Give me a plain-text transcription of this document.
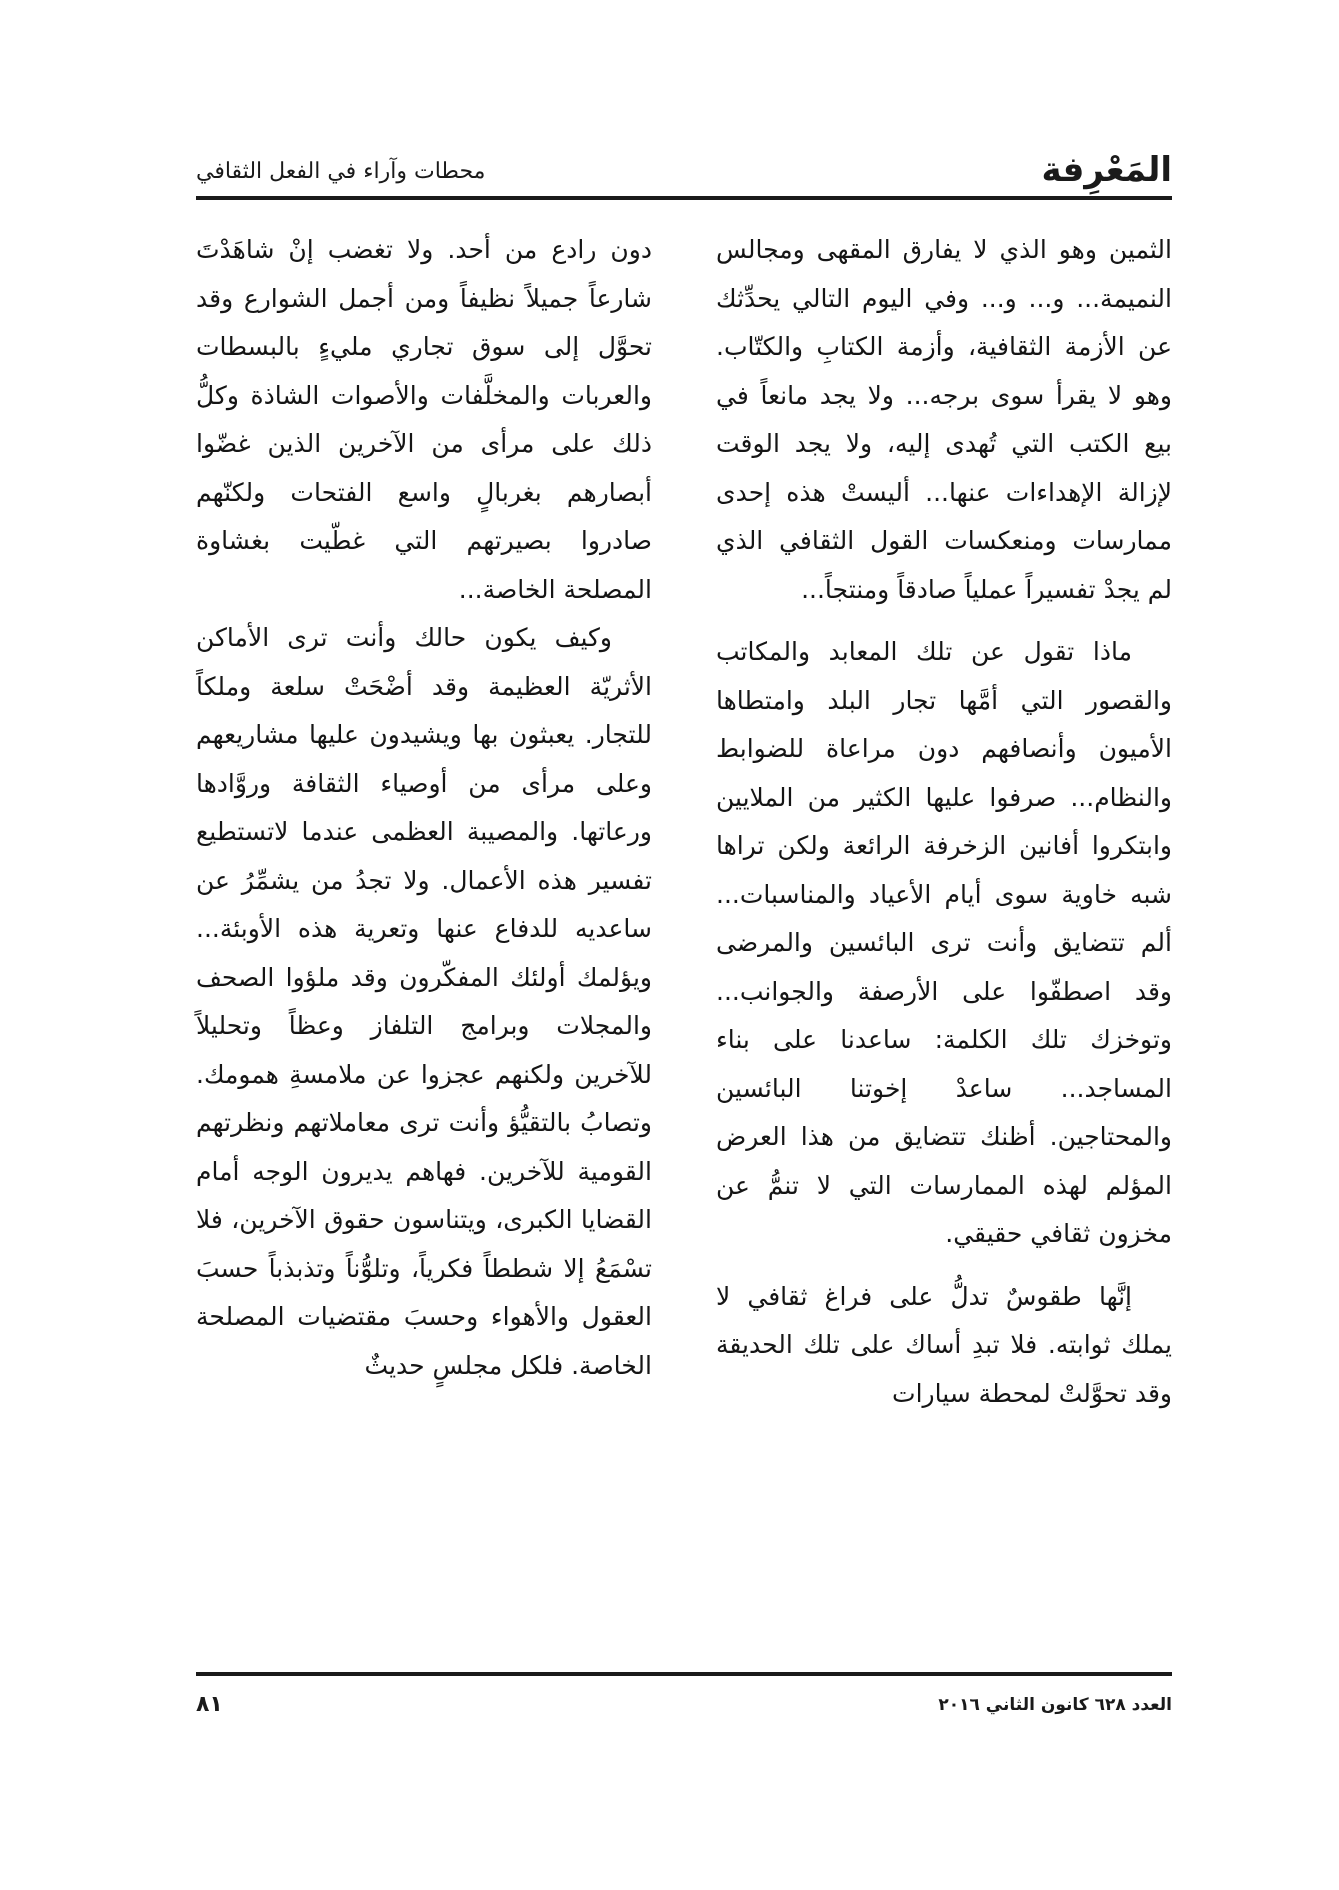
المَعْرِفة
محطات وآراء في الفعل الثقافي

الثمين وهو الذي لا يفارق المقهى ومجالس النميمة... و... و... وفي اليوم التالي يحدِّثك عن الأزمة الثقافية، وأزمة الكتابِ والكتّاب. وهو لا يقرأ سوى برجه... ولا يجد مانعاً في بيع الكتب التي تُهدى إليه، ولا يجد الوقت لإزالة الإهداءات عنها... أليستْ هذه إحدى ممارسات ومنعكسات القول الثقافي الذي لم يجدْ تفسيراً عملياً صادقاً ومنتجاً...

ماذا تقول عن تلك المعابد والمكاتب والقصور التي أمَّها تجار البلد وامتطاها الأميون وأنصافهم دون مراعاة للضوابط والنظام... صرفوا عليها الكثير من الملايين وابتكروا أفانين الزخرفة الرائعة ولكن تراها شبه خاوية سوى أيام الأعياد والمناسبات... ألم تتضايق وأنت ترى البائسين والمرضى وقد اصطفّوا على الأرصفة والجوانب... وتوخزك تلك الكلمة: ساعدنا على بناء المساجد... ساعدْ إخوتنا البائسين والمحتاجين. أظنك تتضايق من هذا العرض المؤلم لهذه الممارسات التي لا تنمُّ عن مخزون ثقافي حقيقي.

إنَّها طقوسٌ تدلُّ على فراغ ثقافي لا يملك ثوابته. فلا تبدِ أساك على تلك الحديقة وقد تحوَّلتْ لمحطة سيارات

دون رادع من أحد. ولا تغضب إنْ شاهَدْتَ شارعاً جميلاً نظيفاً ومن أجمل الشوارع وقد تحوَّل إلى سوق تجاري مليءٍ بالبسطات والعربات والمخلَّفات والأصوات الشاذة وكلُّ ذلك على مرأى من الآخرين الذين غضّوا أبصارهم بغربالٍ واسع الفتحات ولكنّهم صادروا بصيرتهم التي غطّيت بغشاوة المصلحة الخاصة...

وكيف يكون حالك وأنت ترى الأماكن الأثريّة العظيمة وقد أضْحَتْ سلعة وملكاً للتجار. يعبثون بها ويشيدون عليها مشاريعهم وعلى مرأى من أوصياء الثقافة وروَّادها ورعاتها. والمصيبة العظمى عندما لاتستطيع تفسير هذه الأعمال. ولا تجدُ من يشمِّرُ عن ساعديه للدفاع عنها وتعرية هذه الأوبئة... ويؤلمك أولئك المفكّرون وقد ملؤوا الصحف والمجلات وبرامج التلفاز وعظاً وتحليلاً للآخرين ولكنهم عجزوا عن ملامسةِ همومك. وتصابُ بالتقيُّؤ وأنت ترى معاملاتهم ونظرتهم القومية للآخرين. فهاهم يديرون الوجه أمام القضايا الكبرى، ويتناسون حقوق الآخرين، فلا تسْمَعُ إلا شططاً فكرياً، وتلوُّناً وتذبذباً حسبَ العقول والأهواء وحسبَ مقتضيات المصلحة الخاصة. فلكل مجلسٍ حديثٌ

العدد ٦٢٨ كانون الثاني ٢٠١٦
٨١
